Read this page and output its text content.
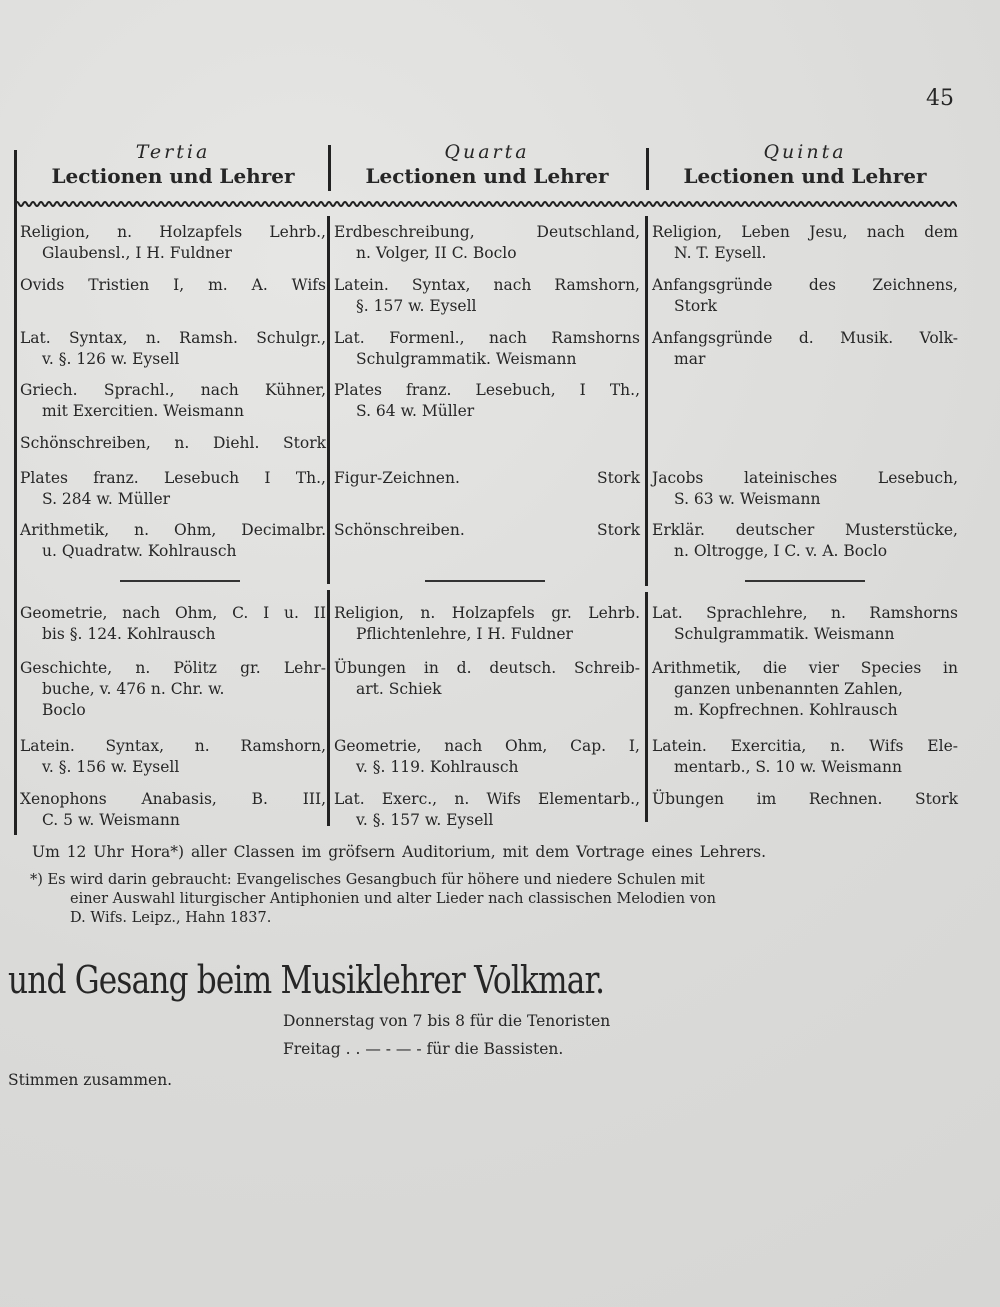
45
Tertia
Lectionen und Lehrer
Quarta
Lectionen und Lehrer
Quinta
Lectionen und Lehrer
Religion, n. Holzapfels Lehrb.,
Glaubensl., I H. Fuldner
Ovids Tristien I, m. A. Wifs
Lat. Syntax, n. Ramsh. Schulgr.,
v. §. 126 w. Eysell
Griech. Sprachl., nach Kühner,
mit Exercitien. Weismann
Schönschreiben, n. Diehl. Stork
Plates franz. Lesebuch I Th.,
S. 284 w. Müller
Arithmetik, n. Ohm, Decimalbr.
u. Quadratw. Kohlrausch
Geometrie, nach Ohm, C. I u. II
bis §. 124. Kohlrausch
Geschichte, n. Pölitz gr. Lehr-
buche, v. 476 n. Chr. w.
Boclo
Latein. Syntax, n. Ramshorn,
v. §. 156 w. Eysell
Xenophons Anabasis, B. III,
C. 5 w. Weismann
Erdbeschreibung, Deutschland,
n. Volger, II C. Boclo
Latein. Syntax, nach Ramshorn,
§. 157 w. Eysell
Lat. Formenl., nach Ramshorns
Schulgrammatik. Weismann
Plates franz. Lesebuch, I Th.,
S. 64 w. Müller
Figur-Zeichnen. Stork
Schönschreiben. Stork
Religion, n. Holzapfels gr. Lehrb.
Pflichtenlehre, I H. Fuldner
Übungen in d. deutsch. Schreib-
art. Schiek
Geometrie, nach Ohm, Cap. I,
v. §. 119. Kohlrausch
Lat. Exerc., n. Wifs Elementarb.,
v. §. 157 w. Eysell
Religion, Leben Jesu, nach dem
N. T. Eysell.
Anfangsgründe des Zeichnens,
Stork
Anfangsgründe d. Musik. Volk-
mar
Jacobs lateinisches Lesebuch,
S. 63 w. Weismann
Erklär. deutscher Musterstücke,
n. Oltrogge, I C. v. A. Boclo
Lat. Sprachlehre, n. Ramshorns
Schulgrammatik. Weismann
Arithmetik, die vier Species in
ganzen unbenannten Zahlen,
m. Kopfrechnen. Kohlrausch
Latein. Exercitia, n. Wifs Ele-
mentarb., S. 10 w. Weismann
Übungen im Rechnen. Stork
Um 12 Uhr Hora*) aller Classen im gröfsern Auditorium, mit dem Vortrage eines Lehrers.
*) Es wird darin gebraucht: Evangelisches Gesangbuch für höhere und niedere Schulen mit
einer Auswahl liturgischer Antiphonien und alter Lieder nach classischen Melodien von
D. Wifs. Leipz., Hahn 1837.
und Gesang beim Musiklehrer Volkmar.
Donnerstag von 7 bis 8 für die Tenoristen
Freitag . . — - — - für die Bassisten.
Stimmen zusammen.
